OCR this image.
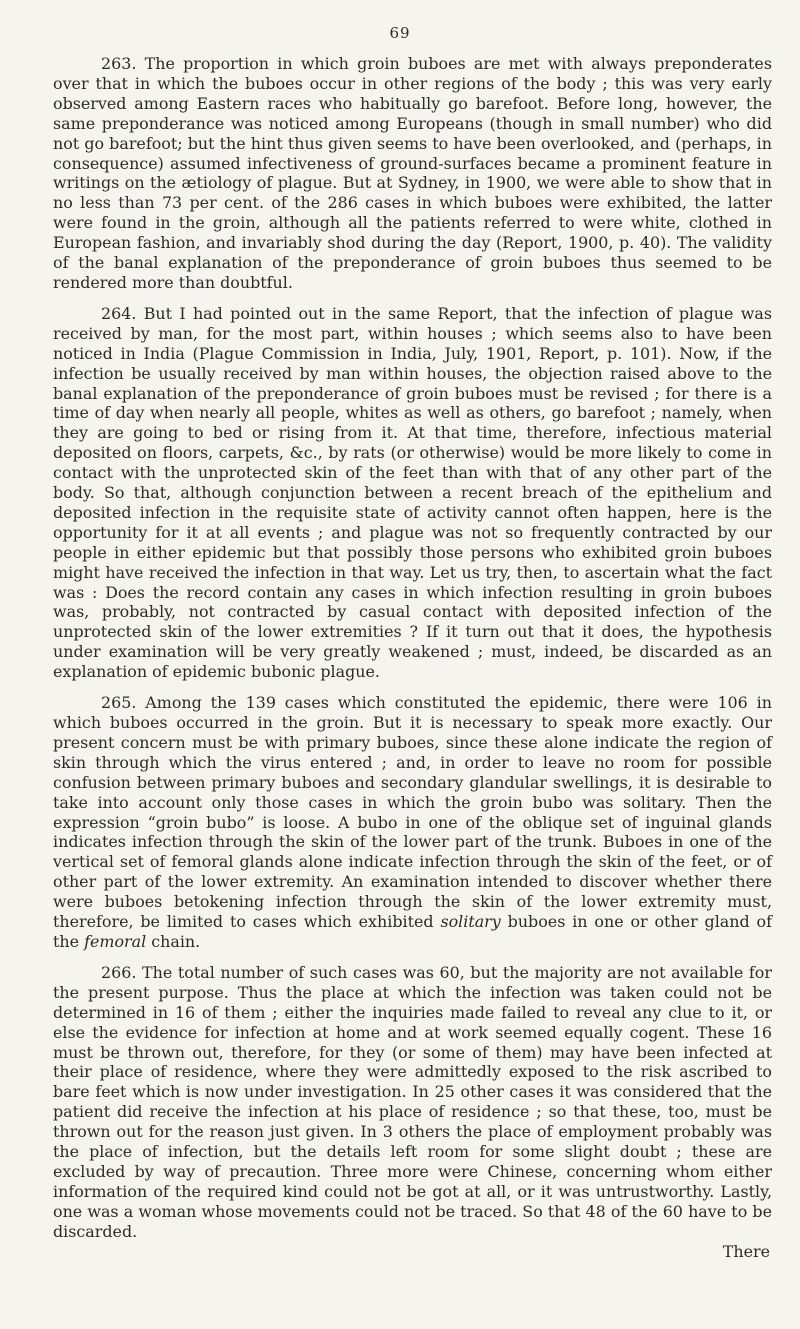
69

263. The proportion in which groin buboes are met with always preponderates over that in which the buboes occur in other regions of the body ; this was very early observed among Eastern races who habitually go barefoot. Before long, however, the same preponderance was noticed among Europeans (though in small number) who did not go barefoot; but the hint thus given seems to have been overlooked, and (perhaps, in consequence) assumed infectiveness of ground-surfaces became a prominent feature in writings on the ætiology of plague. But at Sydney, in 1900, we were able to show that in no less than 73 per cent. of the 286 cases in which buboes were exhibited, the latter were found in the groin, although all the patients referred to were white, clothed in European fashion, and invariably shod during the day (Report, 1900, p. 40). The validity of the banal explanation of the preponderance of groin buboes thus seemed to be rendered more than doubtful.

264. But I had pointed out in the same Report, that the infection of plague was received by man, for the most part, within houses ; which seems also to have been noticed in India (Plague Commission in India, July, 1901, Report, p. 101). Now, if the infection be usually received by man within houses, the objection raised above to the banal explanation of the preponderance of groin buboes must be revised ; for there is a time of day when nearly all people, whites as well as others, go barefoot ; namely, when they are going to bed or rising from it. At that time, therefore, infectious material deposited on floors, carpets, &c., by rats (or otherwise) would be more likely to come in contact with the unprotected skin of the feet than with that of any other part of the body. So that, although conjunction between a recent breach of the epithelium and deposited infection in the requisite state of activity cannot often happen, here is the opportunity for it at all events ; and plague was not so frequently contracted by our people in either epidemic but that possibly those persons who exhibited groin buboes might have received the infection in that way. Let us try, then, to ascertain what the fact was : Does the record contain any cases in which infection resulting in groin buboes was, probably, not contracted by casual contact with deposited infection of the unprotected skin of the lower extremities ? If it turn out that it does, the hypothesis under examination will be very greatly weakened ; must, indeed, be discarded as an explanation of epidemic bubonic plague.

265. Among the 139 cases which constituted the epidemic, there were 106 in which buboes occurred in the groin. But it is necessary to speak more exactly. Our present concern must be with primary buboes, since these alone indicate the region of skin through which the virus entered ; and, in order to leave no room for possible confusion between primary buboes and secondary glandular swellings, it is desirable to take into account only those cases in which the groin bubo was solitary. Then the expression “groin bubo” is loose. A bubo in one of the oblique set of inguinal glands indicates infection through the skin of the lower part of the trunk. Buboes in one of the vertical set of femoral glands alone indicate infection through the skin of the feet, or of other part of the lower extremity. An examination intended to discover whether there were buboes betokening infection through the skin of the lower extremity must, therefore, be limited to cases which exhibited solitary buboes in one or other gland of the femoral chain.

266. The total number of such cases was 60, but the majority are not available for the present purpose. Thus the place at which the infection was taken could not be determined in 16 of them ; either the inquiries made failed to reveal any clue to it, or else the evidence for infection at home and at work seemed equally cogent. These 16 must be thrown out, therefore, for they (or some of them) may have been infected at their place of residence, where they were admittedly exposed to the risk ascribed to bare feet which is now under investigation. In 25 other cases it was considered that the patient did receive the infection at his place of residence ; so that these, too, must be thrown out for the reason just given. In 3 others the place of employment probably was the place of infection, but the details left room for some slight doubt ; these are excluded by way of precaution. Three more were Chinese, concerning whom either information of the required kind could not be got at all, or it was untrustworthy. Lastly, one was a woman whose movements could not be traced. So that 48 of the 60 have to be discarded.

There
